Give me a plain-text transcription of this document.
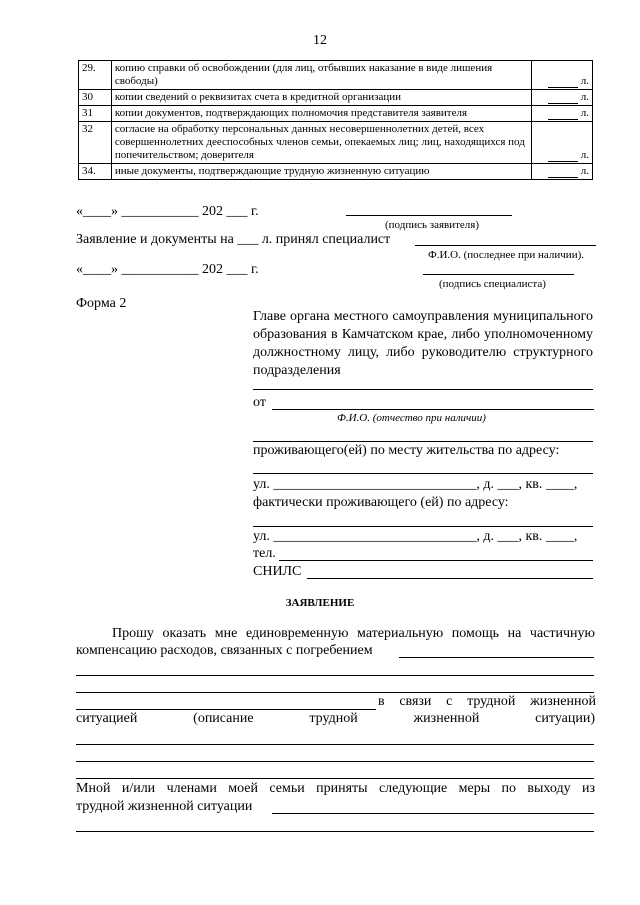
12
29.	копию справки об освобождении (для лиц, отбывших наказание в виде лишения свободы)	л.
30	копии сведений о реквизитах счета в кредитной организации	л.
31	копии документов, подтверждающих полномочия представителя заявителя	л.
32	согласие на обработку персональных данных несовершеннолетних детей, всех совершеннолетних дееспособных членов семьи, опекаемых лиц; лиц, находящихся под попечительством; доверителя	л.
34.	иные документы, подтверждающие трудную жизненную ситуацию	л.
«____» ___________ 202 ___ г.
(подпись заявителя)
Заявление и документы на ___ л. принял специалист
Ф.И.О. (последнее при наличии).
«____» ___________ 202 ___ г.
(подпись специалиста)
Форма 2
Главе органа местного самоуправления муниципального образования в Камчатском крае, либо уполномоченному должностному лицу, либо руководителю структурного подразделения
от
Ф.И.О. (отчество при наличии)
проживающего(ей) по месту жительства по адресу:
ул. _____________________________, д. ___, кв. ____,
фактически проживающего (ей) по адресу:
ул. _____________________________, д. ___, кв. ____,
тел.
СНИЛС
ЗАЯВЛЕНИЕ
Прошу оказать мне единовременную материальную помощь на частичную
компенсацию расходов, связанных с погребением
в связи с трудной жизненной
ситуацией (описание трудной жизненной ситуации)
Мной и/или членами моей семьи приняты следующие меры по выходу из
трудной жизненной ситуации
